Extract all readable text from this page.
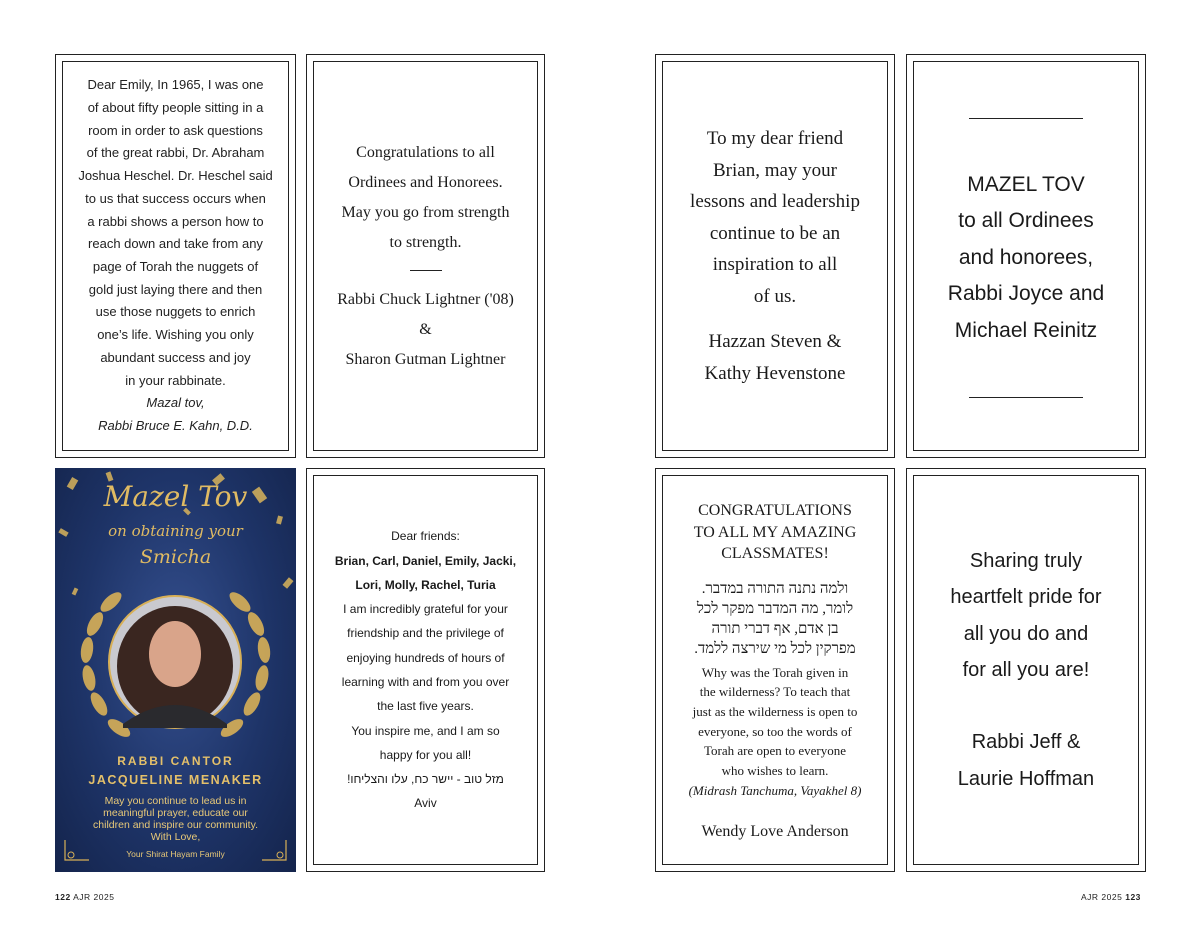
Dear Emily, In 1965, I was one
of about fifty people sitting in a
room in order to ask questions
of the great rabbi, Dr. Abraham
Joshua Heschel. Dr. Heschel said
to us that success occurs when
a rabbi shows a person how to
reach down and take from any
page of Torah the nuggets of
gold just laying there and then
use those nuggets to enrich
one’s life. Wishing you only
abundant success and joy
in your rabbinate.
Mazal tov,
Rabbi Bruce E. Kahn, D.D.
Congratulations to all
Ordinees and Honorees.
May you go from strength
to strength.
Rabbi Chuck Lightner ('08)
&
Sharon Gutman Lightner
To my dear friend
Brian, may your
lessons and leadership
continue to be an
inspiration to all
of us.
Hazzan Steven &
Kathy Hevenstone
MAZEL TOV
to all Ordinees
and honorees,
Rabbi Joyce and
Michael Reinitz
Mazel Tov
on obtaining your
Smicha
RABBI CANTOR
JACQUELINE MENAKER
May you continue to lead us in
meaningful prayer, educate our
children and inspire our community.
With Love,
Your Shirat Hayam Family
Dear friends:
Brian, Carl, Daniel, Emily, Jacki,
Lori, Molly, Rachel, Turia
I am incredibly grateful for your
friendship and the privilege of
enjoying hundreds of hours of
learning with and from you over
the last five years.
You inspire me, and I am so
happy for you all!
מזל טוב - יישר כח, עלו והצליחו!
Aviv
CONGRATULATIONS
TO ALL MY AMAZING
CLASSMATES!
ולמה נתנה התורה במדבר.
לומר, מה המדבר מפקר לכל
בן אדם, אף דברי תורה
מפרקין לכל מי שירצה ללמד.
Why was the Torah given in
the wilderness? To teach that
just as the wilderness is open to
everyone, so too the words of
Torah are open to everyone
who wishes to learn.
(Midrash Tanchuma, Vayakhel 8)
Wendy Love Anderson
Sharing truly
heartfelt pride for
all you do and
for all you are!
Rabbi Jeff &
Laurie Hoffman
122 AJR 2025	AJR 2025 123
